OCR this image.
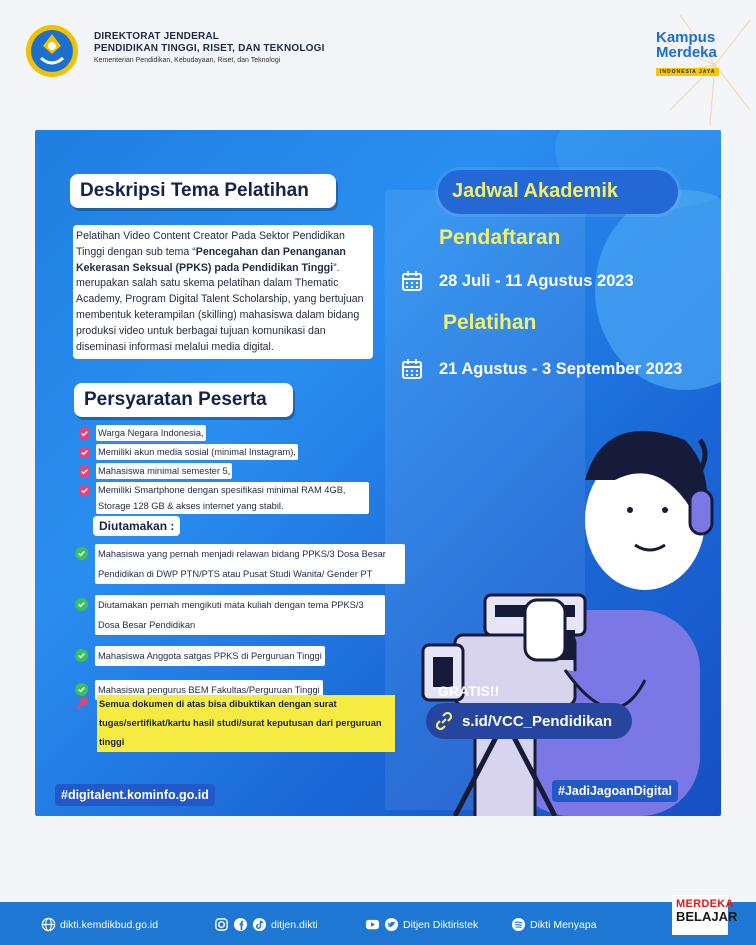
DIREKTORAT JENDERAL
PENDIDIKAN TINGGI, RISET, DAN TEKNOLOGI
Kementerian Pendidikan, Kebudayaan, Riset, dan Teknologi
Kampus
Merdeka
INDONESIA JAYA
Deskripsi Tema Pelatihan
Pelatihan Video Content Creator Pada Sektor Pendidikan Tinggi dengan sub tema “Pencegahan dan Penanganan Kekerasan Seksual (PPKS) pada Pendidikan Tinggi”. merupakan salah satu skema pelatihan dalam Thematic Academy, Program Digital Talent Scholarship, yang bertujuan membentuk keterampilan (skilling) mahasiswa dalam bidang produksi video untuk berbagai tujuan komunikasi dan diseminasi informasi melalui media digital.
Jadwal Akademik
Pendaftaran
28 Juli - 11 Agustus 2023
Pelatihan
21 Agustus - 3 September 2023
Persyaratan Peserta
Warga Negara Indonesia,
Memiliki akun media sosial (minimal Instagram),
Mahasiswa minimal semester 5,
Memiliki Smartphone dengan spesifikasi minimal RAM 4GB, Storage 128 GB & akses internet yang stabil.
Diutamakan :
Mahasiswa yang pernah menjadi relawan bidang PPKS/3 Dosa Besar Pendidikan di DWP PTN/PTS atau Pusat Studi Wanita/ Gender PT
Diutamakan pernah mengikuti mata kuliah dengan tema PPKS/3 Dosa Besar Pendidikan
Mahasiswa Anggota satgas PPKS di Perguruan Tinggi
Mahasiswa pengurus BEM Fakultas/Perguruan Tinggi
Semua dokumen di atas bisa dibuktikan dengan surat tugas/sertifikat/kartu hasil studi/surat keputusan dari perguruan tinggi
GRATIS!!
s.id/VCC_Pendidikan
#digitalent.kominfo.go.id	#JadiJagoanDigital
dikti.kemdikbud.go.id	ditjen.dikti	Ditjen Diktiristek	Dikti Menyapa
MERDEKA
BELAJAR
